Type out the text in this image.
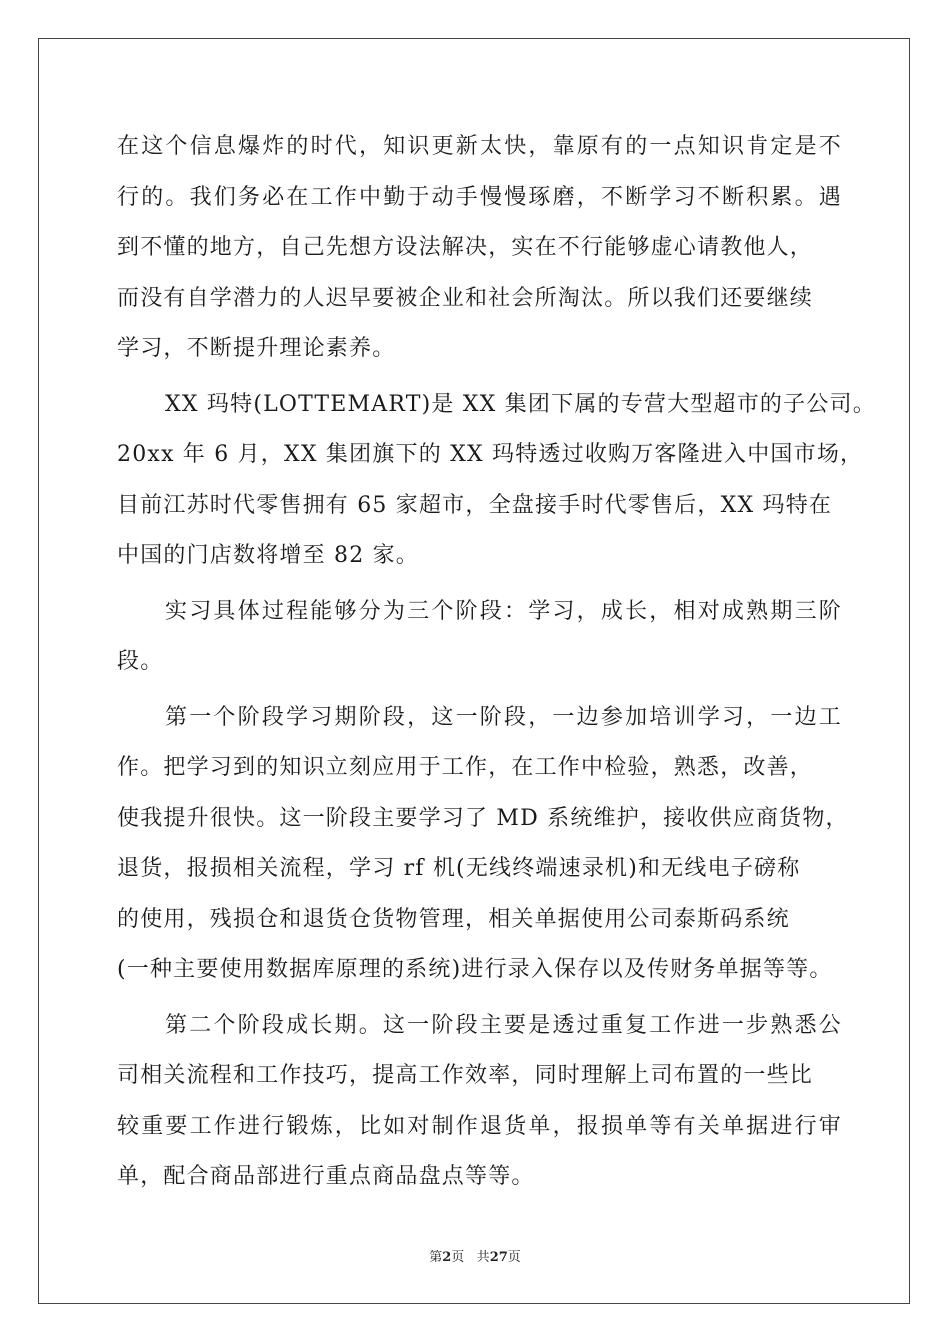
在这个信息爆炸的时代，知识更新太快，靠原有的一点知识肯定是不
行的。我们务必在工作中勤于动手慢慢琢磨，不断学习不断积累。遇
到不懂的地方，自己先想方设法解决，实在不行能够虚心请教他人，
而没有自学潜力的人迟早要被企业和社会所淘汰。所以我们还要继续
学习，不断提升理论素养。
XX 玛特(LOTTEMART)是 XX 集团下属的专营大型超市的子公司。
20xx 年 6 月，XX 集团旗下的 XX 玛特透过收购万客隆进入中国市场，
目前江苏时代零售拥有 65 家超市，全盘接手时代零售后，XX 玛特在
中国的门店数将增至 82 家。
实习具体过程能够分为三个阶段：学习，成长，相对成熟期三阶
段。
第一个阶段学习期阶段，这一阶段，一边参加培训学习，一边工
作。把学习到的知识立刻应用于工作，在工作中检验，熟悉，改善，
使我提升很快。这一阶段主要学习了 MD 系统维护，接收供应商货物，
退货，报损相关流程，学习 rf 机(无线终端速录机)和无线电子磅称
的使用，残损仓和退货仓货物管理，相关单据使用公司泰斯码系统
(一种主要使用数据库原理的系统)进行录入保存以及传财务单据等等。
第二个阶段成长期。这一阶段主要是透过重复工作进一步熟悉公
司相关流程和工作技巧，提高工作效率，同时理解上司布置的一些比
较重要工作进行锻炼，比如对制作退货单，报损单等有关单据进行审
单，配合商品部进行重点商品盘点等等。
第2页 共27页
